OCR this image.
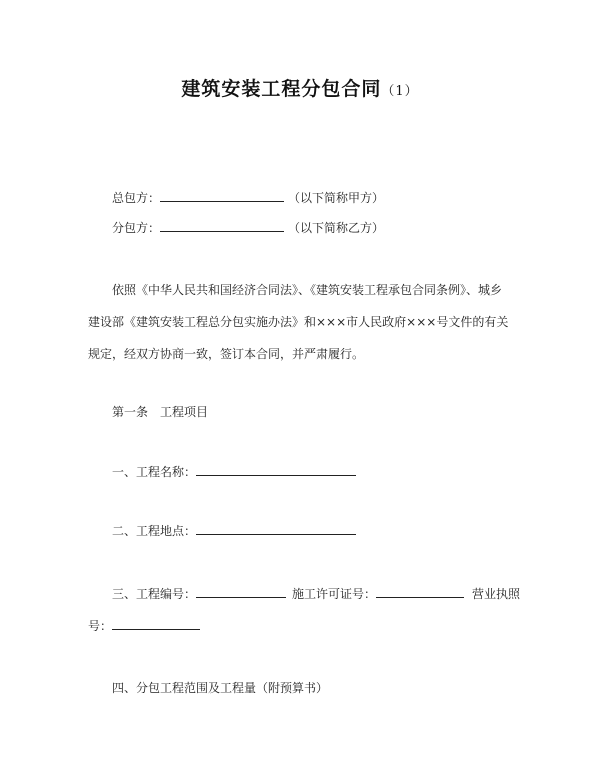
建筑安装工程分包合同（1）
总包方：	（以下简称甲方）
分包方：	（以下简称乙方）

依照《中华人民共和国经济合同法》、《建筑安装工程承包合同条例》、城乡

建设部《建筑安装工程总分包实施办法》和×××市人民政府×××号文件的有关

规定，经双方协商一致，签订本合同，并严肃履行。

第一条　工程项目
一、工程名称：
二、工程地点：
三、工程编号：	施工许可证号：	营业执照
号：
四、分包工程范围及工程量（附预算书）
